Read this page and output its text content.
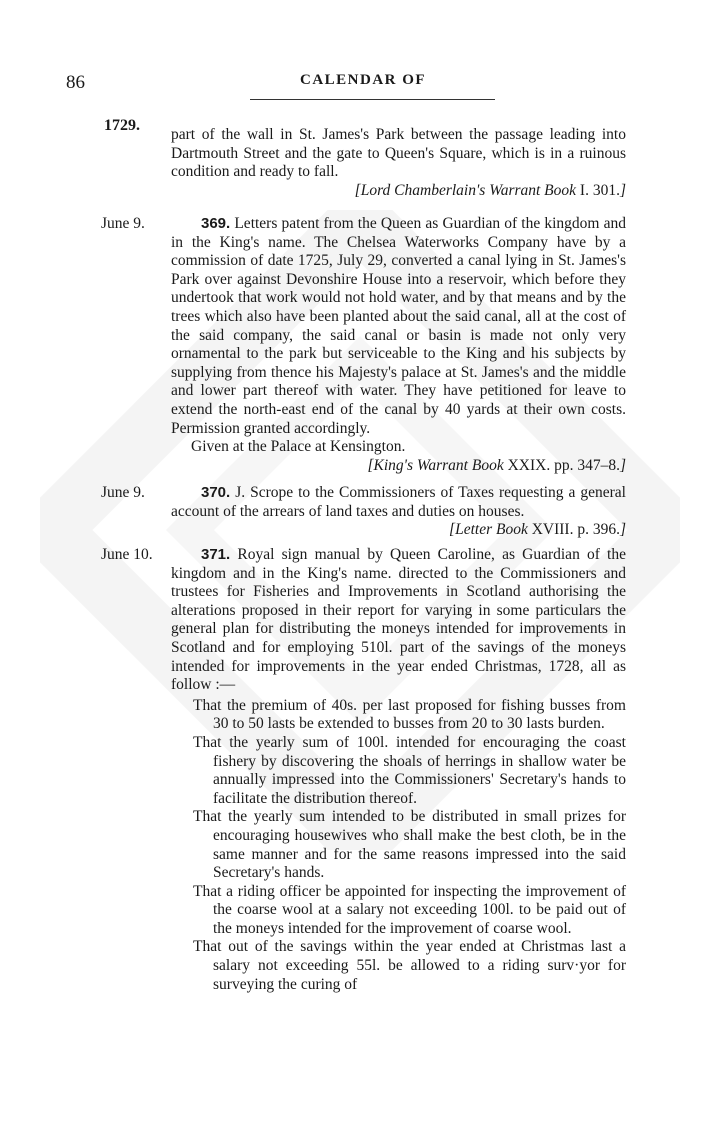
86	CALENDAR OF
1729.

part of the wall in St. James's Park between the passage leading into Dartmouth Street and the gate to Queen's Square, which is in a ruinous condition and ready to fall.

[Lord Chamberlain's Warrant Book I. 301.]

June 9.	369. Letters patent from the Queen as Guardian of the kingdom and in the King's name. The Chelsea Waterworks Company have by a commission of date 1725, July 29, converted a canal lying in St. James's Park over against Devonshire House into a reservoir, which before they undertook that work would not hold water, and by that means and by the trees which also have been planted about the said canal, all at the cost of the said company, the said canal or basin is made not only very ornamental to the park but serviceable to the King and his subjects by supplying from thence his Majesty's palace at St. James's and the middle and lower part thereof with water. They have petitioned for leave to extend the north-east end of the canal by 40 yards at their own costs. Permission granted accordingly.

Given at the Palace at Kensington.

[King's Warrant Book XXIX. pp. 347–8.]

June 9.	370. J. Scrope to the Commissioners of Taxes requesting a general account of the arrears of land taxes and duties on houses.

[Letter Book XVIII. p. 396.]

June 10.	371. Royal sign manual by Queen Caroline, as Guardian of the kingdom and in the King's name. directed to the Commissioners and trustees for Fisheries and Improvements in Scotland authorising the alterations proposed in their report for varying in some particulars the general plan for distributing the moneys intended for improvements in Scotland and for employing 510l. part of the savings of the moneys intended for improvements in the year ended Christmas, 1728, all as follow :—

That the premium of 40s. per last proposed for fishing busses from 30 to 50 lasts be extended to busses from 20 to 30 lasts burden.
That the yearly sum of 100l. intended for encouraging the coast fishery by discovering the shoals of herrings in shallow water be annually impressed into the Commissioners' Secretary's hands to facilitate the distribution thereof.
That the yearly sum intended to be distributed in small prizes for encouraging housewives who shall make the best cloth, be in the same manner and for the same reasons impressed into the said Secretary's hands.
That a riding officer be appointed for inspecting the improvement of the coarse wool at a salary not exceeding 100l. to be paid out of the moneys intended for the improvement of coarse wool.
That out of the savings within the year ended at Christmas last a salary not exceeding 55l. be allowed to a riding surv·yor for surveying the curing of
